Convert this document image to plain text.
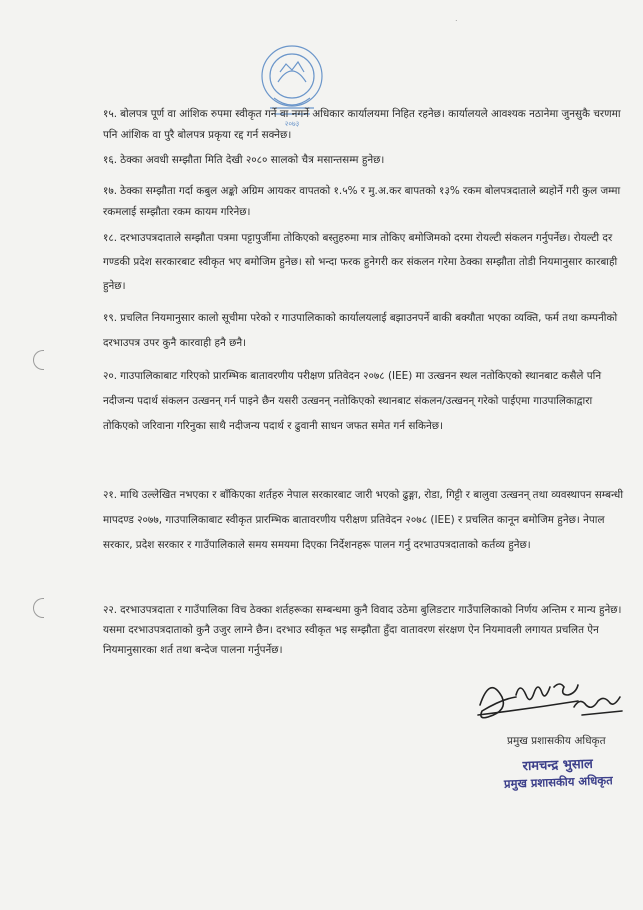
.
२०७३
१५. बोलपत्र पूर्ण वा आंशिक रुपमा स्वीकृत गर्ने वा नगर्ने अधिकार कार्यालयमा निहित रहनेछ। कार्यालयले आवश्यक नठानेमा जुनसुकै चरणमा पनि आंशिक वा पुरै बोलपत्र प्रकृया रद्द गर्न सक्नेछ।
१६. ठेक्का अवधी सम्झौता मिति देखी २०८० सालको चैत्र मसान्तसम्म हुनेछ।
१७. ठेक्का सम्झौता गर्दा कबुल अङ्को अग्रिम आयकर वापतको १.५% र मु.अ.कर बापतको १३% रकम बोलपत्रदाताले ब्यहोर्ने गरी कुल जम्मा रकमलाई सम्झौता रकम कायम गरिनेछ।
१८. दरभाउपत्रदाताले सम्झौता पत्रमा पट्टापुर्जीमा तोकिएको बस्तुहरुमा मात्र तोकिए बमोजिमको दरमा रोयल्टी संकलन गर्नुपर्नेछ। रोयल्टी दर गण्डकी प्रदेश सरकारबाट स्वीकृत भए बमोजिम हुनेछ। सो भन्दा फरक हुनेगरी कर संकलन गरेमा ठेक्का सम्झौता तोडी नियमानुसार कारबाही हुनेछ।
१९. प्रचलित नियमानुसार कालो सूचीमा परेको र गाउपालिकाको कार्यालयलाई बझाउनपर्ने बाकी बक्यौता भएका व्यक्ति, फर्म तथा कम्पनीको दरभाउपत्र उपर कुनै कारवाही हनै छनै।
२०. गाउपालिकाबाट गरिएको प्रारम्भिक बातावरणीय परीक्षण प्रतिवेदन २०७८ (IEE) मा उत्खनन स्थल नतोकिएको स्थानबाट कसैले पनि नदीजन्य पदार्थ संकलन उत्खनन् गर्न पाइने छैन यसरी उत्खनन् नतोकिएको स्थानबाट संकलन/उत्खनन् गरेको पाईएमा गाउपालिकाद्वारा तोकिएको जरिवाना गरिनुका साथै नदीजन्य पदार्थ र ढुवानी साधन जफत समेत गर्न सकिनेछ।
२१. माथि उल्लेखित नभएका र बाँकिएका शर्तहरु नेपाल सरकारबाट जारी भएको ढुङ्गा, रोडा, गिट्टी र बालुवा उत्खनन् तथा व्यवस्थापन सम्बन्धी मापदण्ड २०७७, गाउपालिकाबाट स्वीकृत प्रारम्भिक बातावरणीय परीक्षण प्रतिवेदन २०७८ (IEE) र प्रचलित कानून बमोजिम हुनेछ। नेपाल सरकार, प्रदेश सरकार र गाउँपालिकाले समय समयमा दिएका निर्देशनहरू पालन गर्नु दरभाउपत्रदाताको कर्तव्य हुनेछ।
२२. दरभाउपत्रदाता र गाउँपालिका विच ठेक्का शर्तहरूका सम्बन्धमा कुनै विवाद उठेमा बुलिङटार गाउँपालिकाको निर्णय अन्तिम र मान्य हुनेछ। यसमा दरभाउपत्रदाताको कुनै उजुर लाग्ने छैन। दरभाउ स्वीकृत भइ सम्झौता हुँदा वातावरण संरक्षण ऐन नियमावली लगायत प्रचलित ऐन नियमानुसारका शर्त तथा बन्देज पालना गर्नुपर्नेछ।
प्रमुख प्रशासकीय अधिकृत
रामचन्द्र भुसाल
प्रमुख प्रशासकीय अधिकृत
